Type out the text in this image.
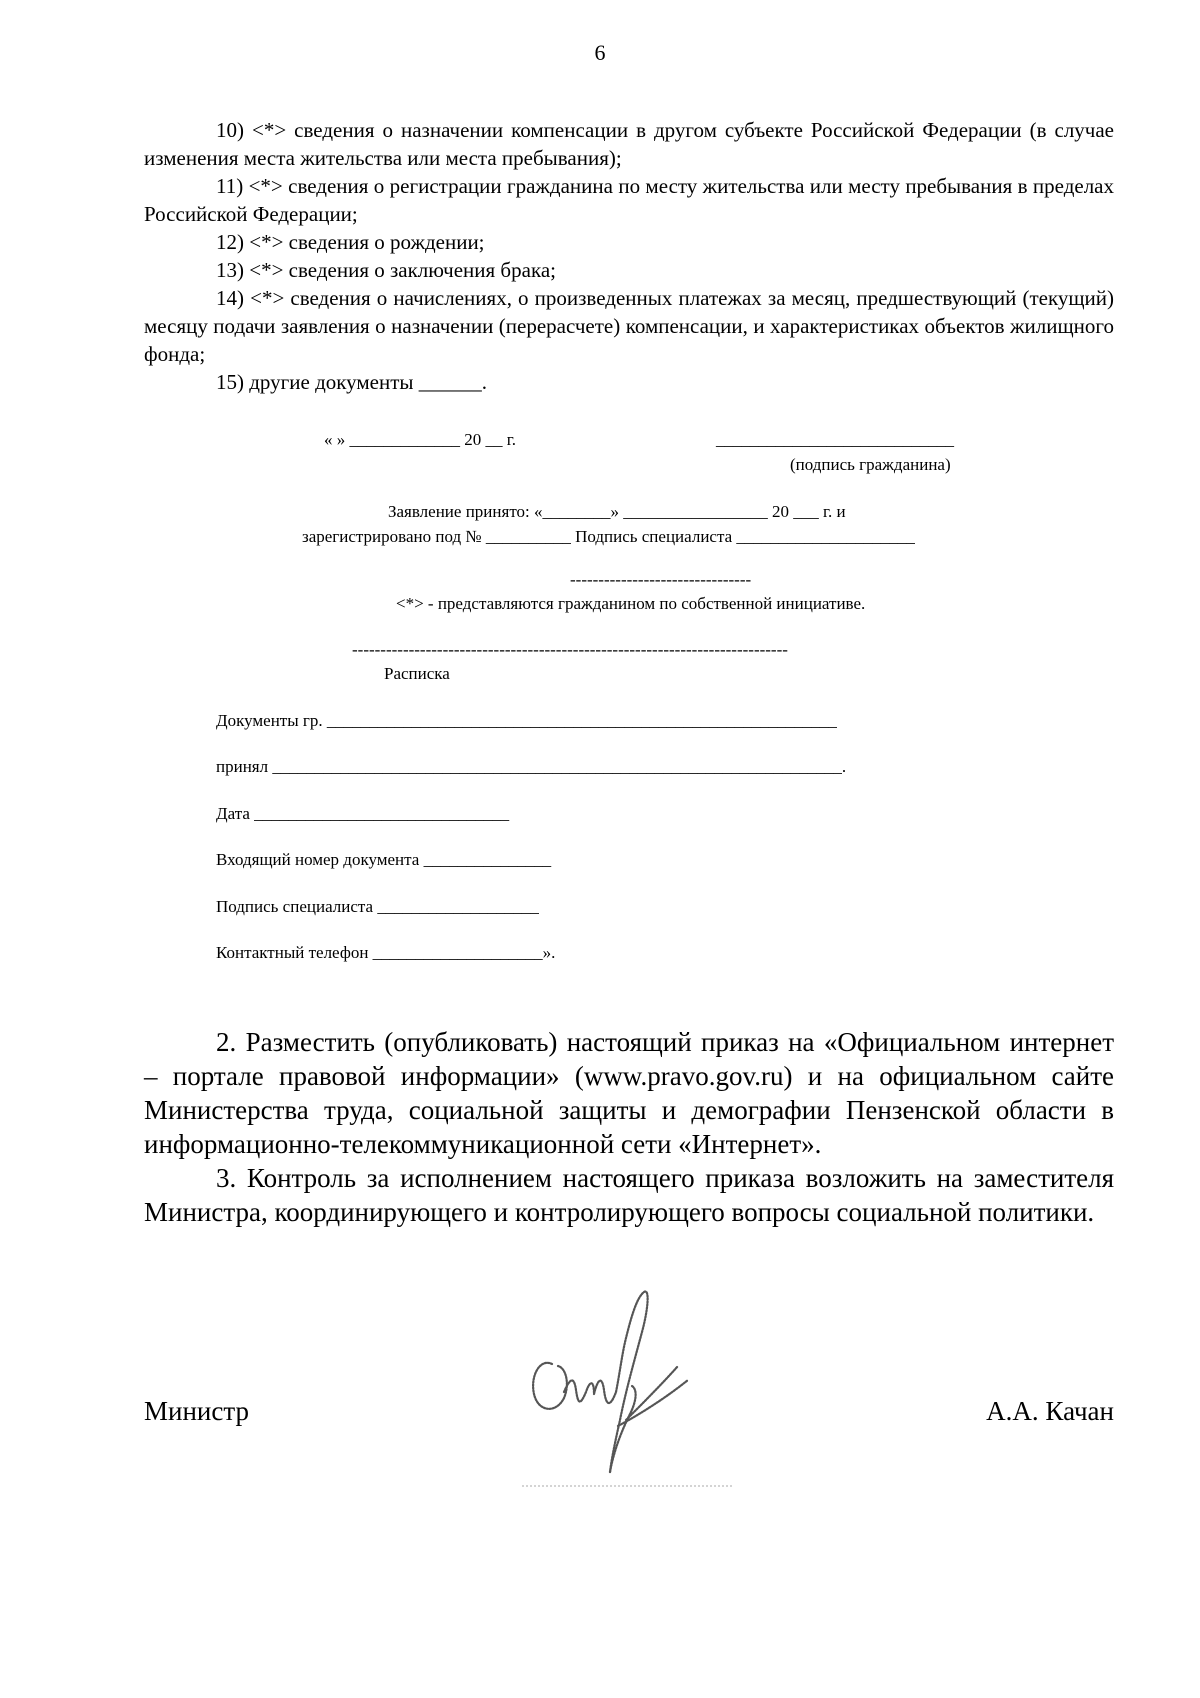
6

10) <*> сведения о назначении компенсации в другом субъекте Российской Федерации (в случае изменения места жительства или места пребывания);

11) <*> сведения о регистрации гражданина по месту жительства или месту пребывания в пределах Российской Федерации;

12) <*> сведения о рождении;

13) <*> сведения о заключения брака;

14) <*> сведения о начислениях, о произведенных платежах за месяц, предшествующий (текущий) месяцу подачи заявления о назначении (перерасчете) компенсации, и характеристиках объектов жилищного фонда;

15) другие документы ______.

« » _____________ 20 __ г.	____________________________
(подпись гражданина)
Заявление принято: «________» _________________ 20 ___ г. и
зарегистрировано под № __________ Подпись специалиста _____________________
--------------------------------
<*> - представляются гражданином по собственной инициативе.
-----------------------------------------------------------------------------
Расписка
Документы гр. ____________________________________________________________
принял ___________________________________________________________________.
Дата ______________________________
Входящий номер документа _______________
Подпись специалиста ___________________
Контактный телефон ____________________».

2. Разместить (опубликовать) настоящий приказ на «Официальном интернет – портале правовой информации» (www.pravo.gov.ru) и на официальном сайте Министерства труда, социальной защиты и демографии Пензенской области в информационно-телекоммуникационной сети «Интернет».

3. Контроль за исполнением настоящего приказа возложить на заместителя Министра, координирующего и контролирующего вопросы социальной политики.

Министр	А.А. Качан
